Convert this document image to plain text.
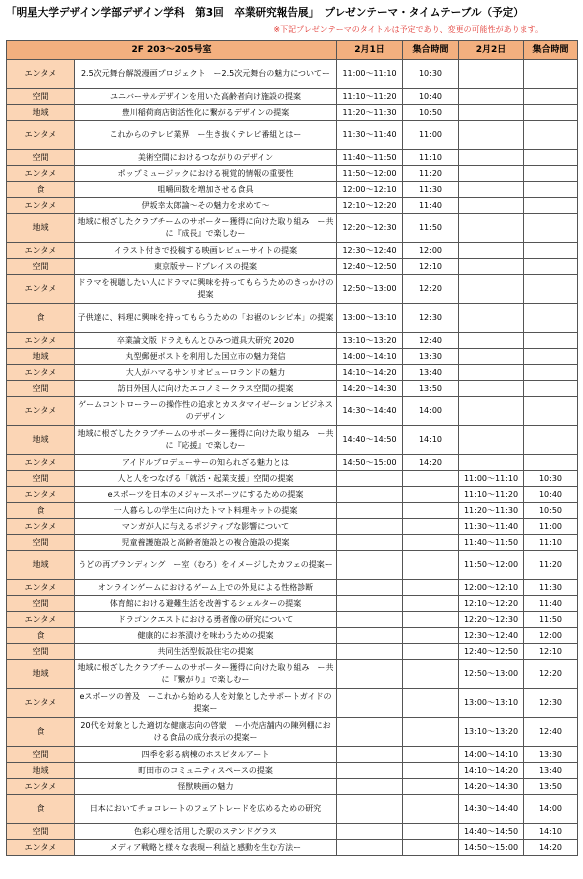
「明星大学デザイン学部デザイン学科　第3回　卒業研究報告展」　プレゼンテーマ・タイムテーブル（予定）
※下記プレゼンテーマのタイトルは予定であり、変更の可能性があります。
2F 203～205号室		2月1日	集合時間	2月2日	集合時間
エンタメ	2.5次元舞台解説漫画プロジェクト　ー2.5次元舞台の魅力についてー	11:00～11:10	10:30		
空間	ユニバーサルデザインを用いた高齢者向け施設の提案	11:10～11:20	10:40		
地域	豊川稲荷商店街活性化に繋がるデザインの提案	11:20～11:30	10:50		
エンタメ	これからのテレビ業界　ー生き抜くテレビ番組とはー	11:30～11:40	11:00		
空間	美術空間におけるつながりのデザイン	11:40～11:50	11:10		
エンタメ	ポップミュージックにおける視覚的情報の重要性	11:50～12:00	11:20		
食	咀嚼回数を増加させる食具	12:00～12:10	11:30		
エンタメ	伊坂幸太郎論～その魅力を求めて～	12:10～12:20	11:40		
地域	地域に根ざしたクラブチームのサポーター獲得に向けた取り組み　ー共に『成長』で楽しむー	12:20～12:30	11:50		
エンタメ	イラスト付きで投稿する映画レビューサイトの提案	12:30～12:40	12:00		
空間	東京版サードプレイスの提案	12:40～12:50	12:10		
エンタメ	ドラマを視聴したい人にドラマに興味を持ってもらうためのきっかけの提案	12:50～13:00	12:20		
食	子供達に、料理に興味を持ってもらうための「お裾のレシピ本」の提案	13:00～13:10	12:30		
エンタメ	卒業論文版 ドラえもんとひみつ道具大研究 2020	13:10～13:20	12:40		
地域	丸型郵便ポストを利用した国立市の魅力発信	14:00～14:10	13:30		
エンタメ	大人がハマるサンリオピューロランドの魅力	14:10～14:20	13:40		
空間	訪日外国人に向けたエコノミークラス空間の提案	14:20～14:30	13:50		
エンタメ	ゲームコントローラーの操作性の追求とカスタマイゼーションビジネスのデザイン	14:30～14:40	14:00		
地域	地域に根ざしたクラブチームのサポーター獲得に向けた取り組み　ー共に『応援』で楽しむー	14:40～14:50	14:10		
エンタメ	アイドルプロデューサーの知られざる魅力とは	14:50～15:00	14:20		
空間	人と人をつなげる「就活・起業支援」空間の提案			11:00～11:10	10:30
エンタメ	eスポーツを日本のメジャースポーツにするための提案			11:10～11:20	10:40
食	一人暮らしの学生に向けたトマト料理キットの提案			11:20～11:30	10:50
エンタメ	マンガが人に与えるポジティブな影響について			11:30～11:40	11:00
空間	児童養護施設と高齢者施設との複合施設の提案			11:40～11:50	11:10
地域	うどの再ブランディング　ー室（むろ）をイメージしたカフェの提案ー			11:50～12:00	11:20
エンタメ	オンラインゲームにおけるゲーム上での外見による性格診断			12:00～12:10	11:30
空間	体育館における避難生活を改善するシェルターの提案			12:10～12:20	11:40
エンタメ	ドラゴンクエストにおける勇者像の研究について			12:20～12:30	11:50
食	健康的にお茶漬けを味わうための提案			12:30～12:40	12:00
空間	共同生活型仮設住宅の提案			12:40～12:50	12:10
地域	地域に根ざしたクラブチームのサポーター獲得に向けた取り組み　ー共に『繋がり』で楽しむー			12:50～13:00	12:20
エンタメ	eスポーツの普及　ーこれから始める人を対象としたサポートガイドの提案ー			13:00～13:10	12:30
食	20代を対象とした適切な健康志向の啓蒙　ー小売店舗内の陳列棚における食品の成分表示の提案ー			13:10～13:20	12:40
空間	四季を彩る病棟のホスピタルアート			14:00～14:10	13:30
地域	町田市のコミュニティスペースの提案			14:10～14:20	13:40
エンタメ	怪獣映画の魅力			14:20～14:30	13:50
食	日本においてチョコレートのフェアトレードを広めるための研究			14:30～14:40	14:00
空間	色彩心理を活用した駅のステンドグラス			14:40～14:50	14:10
エンタメ	メディア戦略と様々な表現ー利益と感動を生む方法ー			14:50～15:00	14:20
